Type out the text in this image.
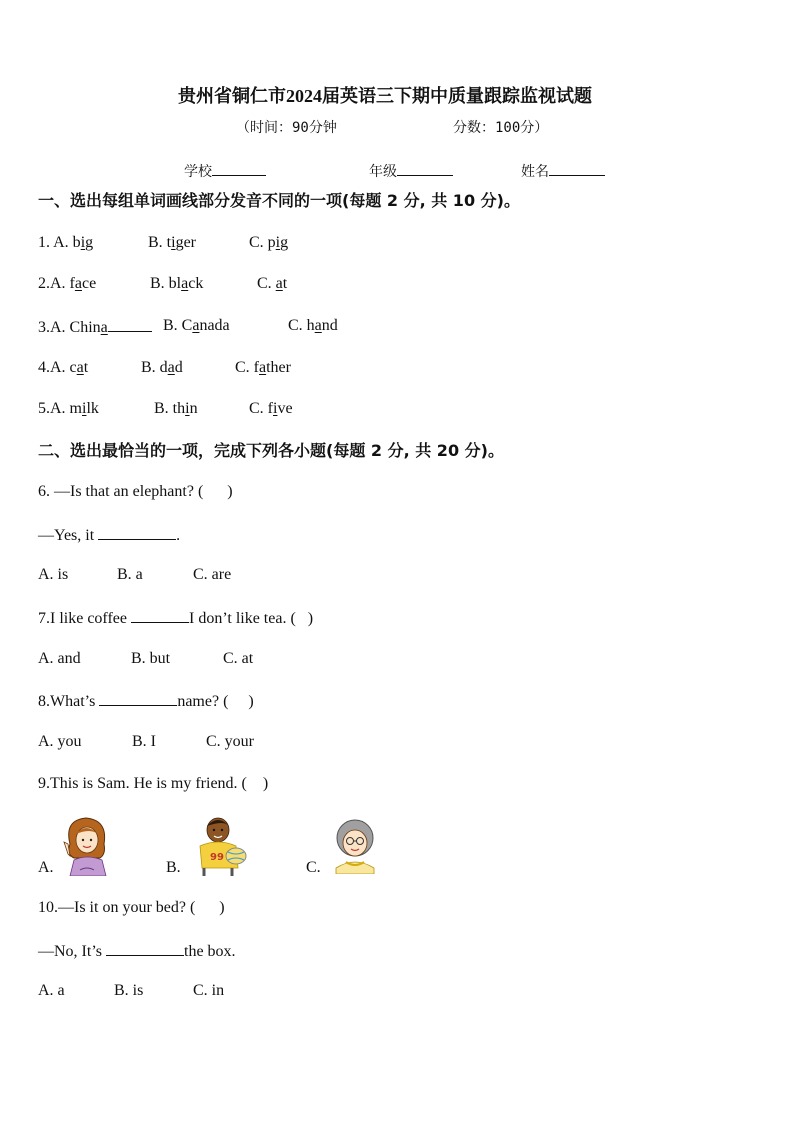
贵州省铜仁市2024届英语三下期中质量跟踪监视试题
（时间：90分钟	分数：100分）
学校	年级	姓名
一、选出每组单词画线部分发音不同的一项(每题 2 分, 共 10 分)。
1. A. big	B. tiger	C. pig
2.A. face	B. black	C. at
3.A. China	B. Canada	C. hand
4.A. cat	B. dad	C. father
5.A. milk	B. thin	C. five
二、选出最恰当的一项，完成下列各小题(每题 2 分, 共 20 分)。
6. —Is that an elephant? (      )
—Yes, it	.
A. is	B. a	C. are
7.I like coffee	I don’t like tea. (   )
A. and	B. but	C. at
8.What’s	name? (     )
A. you	B. I	C. your
9.This is Sam. He is my friend. (    )
A.	B.
99
C.
10.—Is it on your bed? (      )
—No, It’s	the box.
A. a	B. is	C. in
